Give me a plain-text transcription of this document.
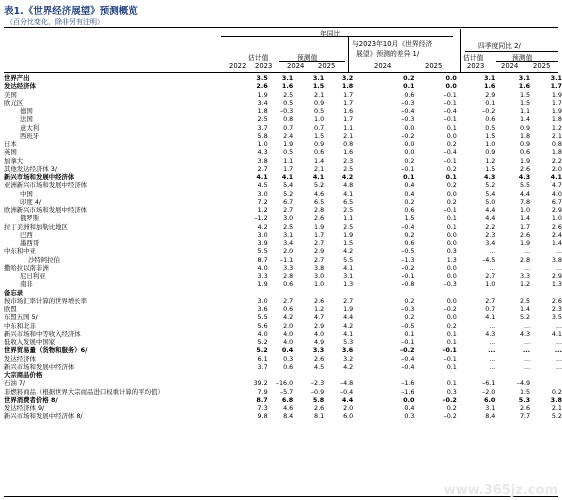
表1.《世界经济展望》预测概览
（百分比变化，除非另有注明）
年同比
估计值	预测值
与2023年10月《世界经济
展望》预测的差异 1/
四季度同比 2/
估计值	预测值
2022 2023 2024 2025	2024	2025	2023 2024 2025
世界产出	3.5	3.1	3.1	3.2	0.2	0.0	3.1	3.1	3.1
发达经济体	2.6	1.6	1.5	1.8	0.1	0.0	1.6	1.6	1.7
美国	1.9	2.5	2.1	1.7	0.6	–0.1	2.9	1.5	1.9
欧元区	3.4	0.5	0.9	1.7	–0.3	–0.1	0.1	1.5	1.7
德国	1.8	–0.3	0.5	1.6	–0.4	–0.4	–0.2	1.1	1.9
法国	2.5	0.8	1.0	1.7	–0.3	–0.1	0.6	1.4	1.8
意大利	3.7	0.7	0.7	1.1	0.0	0.1	0.5	0.9	1.2
西班牙	5.8	2.4	1.5	2.1	–0.2	0.0	1.5	1.8	2.1
日本	1.0	1.9	0.9	0.8	0.0	0.2	1.0	0.9	0.8
英国	4.3	0.5	0.6	1.6	0.0	–0.4	0.9	0.6	1.8
加拿大	3.8	1.1	1.4	2.3	0.2	–0.1	1.2	1.9	2.2
其他发达经济体 3/	2.7	1.7	2.1	2.5	–0.1	0.2	1.5	2.6	2.0
新兴市场和发展中经济体	4.1	4.1	4.1	4.2	0.1	0.1	4.3	4.3	4.1
亚洲新兴市场和发展中经济体	4.5	5.4	5.2	4.8	0.4	0.2	5.2	5.5	4.7
中国	3.0	5.2	4.6	4.1	0.4	0.0	5.4	4.4	4.0
印度 4/	7.2	6.7	6.5	6.5	0.2	0.2	5.0	7.8	6.7
欧洲新兴市场和发展中经济体	1.2	2.7	2.8	2.5	0.6	–0.1	4.4	1.0	2.9
俄罗斯	–1.2	3.0	2.6	1.1	1.5	0.1	4.4	1.4	1.0
拉丁美洲和加勒比地区	4.2	2.5	1.9	2.5	–0.4	0.1	2.2	1.7	2.6
巴西	3.0	3.1	1.7	1.9	0.2	0.0	2.3	2.6	2.4
墨西哥	3.9	3.4	2.7	1.5	0.6	0.0	3.4	1.9	1.4
中东和中亚	5.5	2.0	2.9	4.2	–0.5	0.3	...	...	...
沙特阿拉伯	8.7	–1.1	2.7	5.5	–1.3	1.3	–4.5	2.8	3.8
撒哈拉以南非洲	4.0	3.3	3.8	4.1	–0.2	0.0	...	...	...
尼日利亚	3.3	2.8	3.0	3.1	–0.1	0.0	2.7	3.3	2.9
南非	1.9	0.6	1.0	1.3	–0.8	–0.3	1.0	1.2	1.3
备忘录									
按市场汇率计算的世界增长率	3.0	2.7	2.6	2.7	0.2	0.0	2.7	2.5	2.6
欧盟	3.6	0.6	1.2	1.9	–0.3	–0.2	0.7	1.4	2.3
东盟五国 5/	5.5	4.2	4.7	4.4	0.2	0.0	4.1	5.2	3.5
中东和北非	5.6	2.0	2.9	4.2	–0.5	0.2	...	...	...
新兴市场和中等收入经济体	4.0	4.0	4.0	4.1	0.1	0.1	4.3	4.3	4.1
低收入发展中国家	5.2	4.0	4.9	5.3	–0.1	0.1	...	...	...
世界贸易量（货物和服务）6/	5.2	0.4	3.3	3.6	–0.2	–0.1	...	...	...
发达经济体	6.1	0.3	2.6	3.2	–0.4	–0.1	...	...	...
新兴市场和发展中经济体	3.7	0.6	4.5	4.2	–0.4	0.1	...	...	...
大宗商品价格									
石油 7/	39.2	–16.0	–2.3	–4.8	–1.6	0.1	–6.1	–4.9	
非燃料商品（根据世界大宗商品进口权重计算的平均值）	7.9	–5.7	–0.9	–0.4	–1.6	0.3	–2.0	1.5	0.2
世界消费者价格 8/	8.7	6.8	5.8	4.4	0.0	–0.2	6.0	5.3	3.8
发达经济体 9/	7.3	4.6	2.6	2.0	0.4	0.2	3.1	2.6	2.1
新兴市场和发展中经济体 8/	9.8	8.4	8.1	6.0	0.3	–0.2	8.4	7.7	5.2
www.365jz.com
